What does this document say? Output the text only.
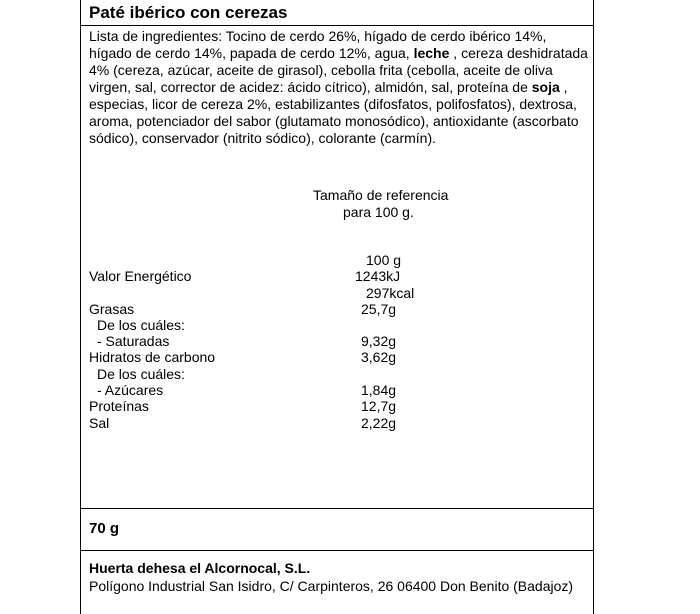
Paté ibérico con cerezas
Lista de ingredientes: Tocino de cerdo 26%, hígado de cerdo ibérico 14%, hígado de cerdo 14%, papada de cerdo 12%, agua, leche , cereza deshidratada 4% (cereza, azúcar, aceite de girasol), cebolla frita (cebolla, aceite de oliva virgen, sal, corrector de acidez: ácido cítrico), almidón, sal, proteína de soja , especias, licor de cereza 2%, estabilizantes (difosfatos, polifosfatos), dextrosa, aroma, potenciador del sabor (glutamato monosódico), antioxidante (ascorbato sódico), conservador (nitrito sódico), colorante (carmín).
Tamaño de referencia
para 100 g.
100 g
Valor Energético	1243kJ
297kcal
Grasas	25,7g
De los cuáles:
- Saturadas	9,32g
Hidratos de carbono	3,62g
De los cuáles:
- Azúcares	1,84g
Proteínas	12,7g
Sal	2,22g
70 g
Huerta dehesa el Alcornocal, S.L.
Polígono Industrial San Isidro, C/ Carpinteros, 26 06400 Don Benito (Badajoz)
